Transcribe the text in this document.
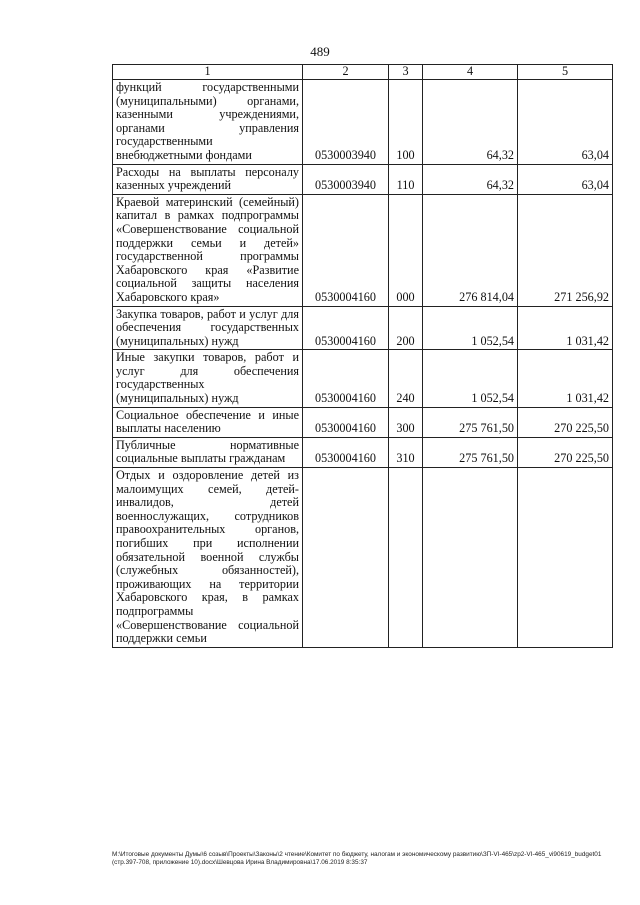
489
1	2	3	4	5
функций государственными (муниципальными) органами, казенными учреждениями, органами управления государственными внебюджетными фондами	0530003940	100	64,32	63,04
Расходы на выплаты персоналу казенных учреждений	0530003940	110	64,32	63,04
Краевой материнский (семейный) капитал в рамках подпрограммы «Совершенствование социальной поддержки семьи и детей» государственной программы Хабаровского края «Развитие социальной защиты населения Хабаровского края»	0530004160	000	276 814,04	271 256,92
Закупка товаров, работ и услуг для обеспечения государственных (муниципальных) нужд	0530004160	200	1 052,54	1 031,42
Иные закупки товаров, работ и услуг для обеспечения государственных (муниципальных) нужд	0530004160	240	1 052,54	1 031,42
Социальное обеспечение и иные выплаты населению	0530004160	300	275 761,50	270 225,50
Публичные нормативные социальные выплаты гражданам	0530004160	310	275 761,50	270 225,50
Отдых и оздоровление детей из малоимущих семей, детей-инвалидов, детей военнослужащих, сотрудников правоохранительных органов, погибших при исполнении обязательной военной службы (служебных обязанностей), проживающих на территории Хабаровского края, в рамках подпрограммы «Совершенствование социальной поддержки семьи				
М:\Итоговые документы Думы\6 созыв\Проекты\Законы\2 чтение\Комитет по бюджету, налогам и экономическому развитию\ЗП-VI-465\zp2-VI-465_vi90619_budget01 (стр.397-708, приложение 10).docx\Шевцова Ирина Владимировна\17.06.2019 8:35:37
